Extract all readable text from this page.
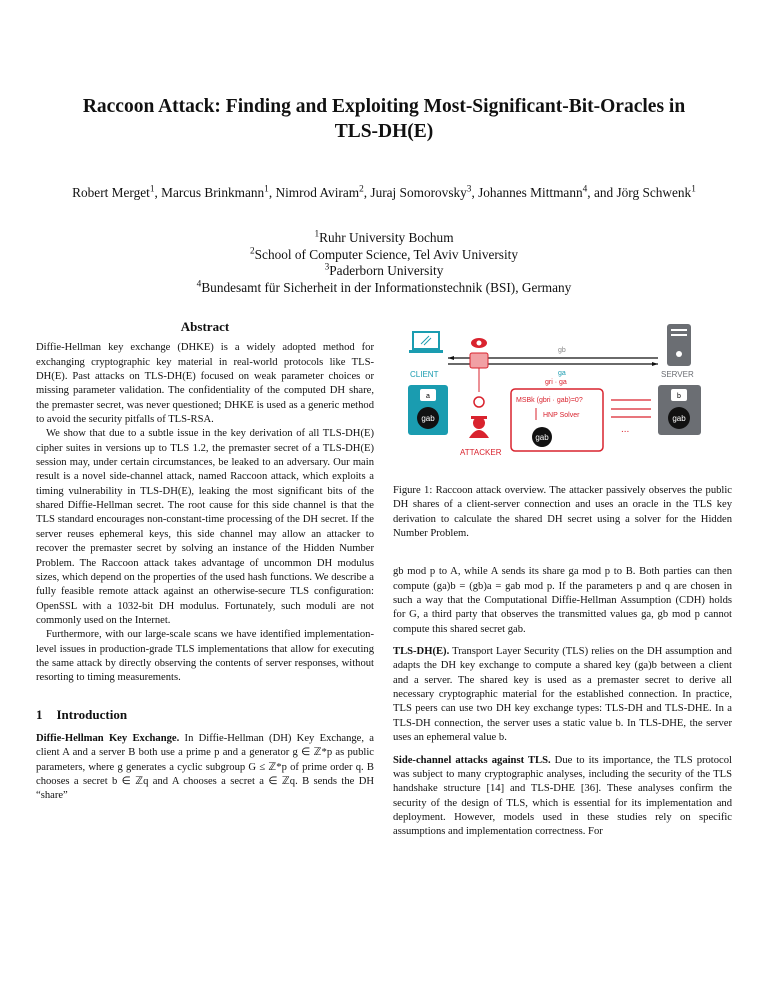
Raccoon Attack: Finding and Exploiting Most-Significant-Bit-Oracles in TLS-DH(E)
Robert Merget$^1$, Marcus Brinkmann$^1$, Nimrod Aviram$^2$, Juraj Somorovsky$^3$, Johannes Mittmann$^4$, and Jörg Schwenk$^1$
$^1$Ruhr University Bochum
$^2$School of Computer Science, Tel Aviv University
$^3$Paderborn University
$^4$Bundesamt für Sicherheit in der Informationstechnik (BSI), Germany
Abstract

Diffie-Hellman key exchange (DHKE) is a widely adopted method for exchanging cryptographic key material in real-world protocols like TLS-DH(E). Past attacks on TLS-DH(E) focused on weak parameter choices or missing parameter validation. The confidentiality of the computed DH share, the premaster secret, was never questioned; DHKE is used as a generic method to avoid the security pitfalls of TLS-RSA.

We show that due to a subtle issue in the key derivation of all TLS-DH(E) cipher suites in versions up to TLS 1.2, the premaster secret of a TLS-DH(E) session may, under certain circumstances, be leaked to an adversary. Our main result is a novel side-channel attack, named Raccoon attack, which exploits a timing vulnerability in TLS-DH(E), leaking the most significant bits of the shared Diffie-Hellman secret. The root cause for this side channel is that the TLS standard encourages non-constant-time processing of the DH secret. If the server reuses ephemeral keys, this side channel may allow an attacker to recover the premaster secret by solving an instance of the Hidden Number Problem. The Raccoon attack takes advantage of uncommon DH modulus sizes, which depend on the properties of the used hash functions. We describe a fully feasible remote attack against an otherwise-secure TLS configuration: OpenSSL with a 1032-bit DH modulus. Fortunately, such moduli are not commonly used on the Internet.

Furthermore, with our large-scale scans we have identified implementation-level issues in production-grade TLS implementations that allow for executing the same attack by directly observing the contents of server responses, without resorting to timing measurements.

1 Introduction

Diffie-Hellman Key Exchange. In Diffie-Hellman (DH) Key Exchange, a client A and a server B both use a prime p and a generator g ∈ ℤ*p as public parameters, where g generates a cyclic subgroup G ≤ ℤ*p of prime order q. B chooses a secret b ∈ ℤq and A chooses a secret a ∈ ℤq. B sends the DH “share”

CLIENT
a
gab
gb
ga
ATTACKER
gri · ga
MSBk (gbri · gab)=0?
HNP Solver
gab
...
SERVER
b
gab

Figure 1: Raccoon attack overview. The attacker passively observes the public DH shares of a client-server connection and uses an oracle in the TLS key derivation to calculate the shared DH secret using a solver for the Hidden Number Problem.

gb mod p to A, while A sends its share ga mod p to B. Both parties can then compute (ga)b = (gb)a = gab mod p. If the parameters p and q are chosen in such a way that the Computational Diffie-Hellman Assumption (CDH) holds for G, a third party that observes the transmitted values ga, gb mod p cannot compute this shared secret gab.

TLS-DH(E). Transport Layer Security (TLS) relies on the DH assumption and adapts the DH key exchange to compute a shared key (ga)b between a client and a server. The shared key is used as a premaster secret to derive all necessary cryptographic material for the established connection. In practice, TLS peers can use two DH key exchange types: TLS-DH and TLS-DHE. In a TLS-DH connection, the server uses a static value b. In TLS-DHE, the server uses an ephemeral value b.

Side-channel attacks against TLS. Due to its importance, the TLS protocol was subject to many cryptographic analyses, including the security of the TLS handshake structure [14] and TLS-DHE [36]. These analyses confirm the security of the design of TLS, which is essential for its implementation and deployment. However, models used in these studies rely on specific assumptions and implementation correctness. For
